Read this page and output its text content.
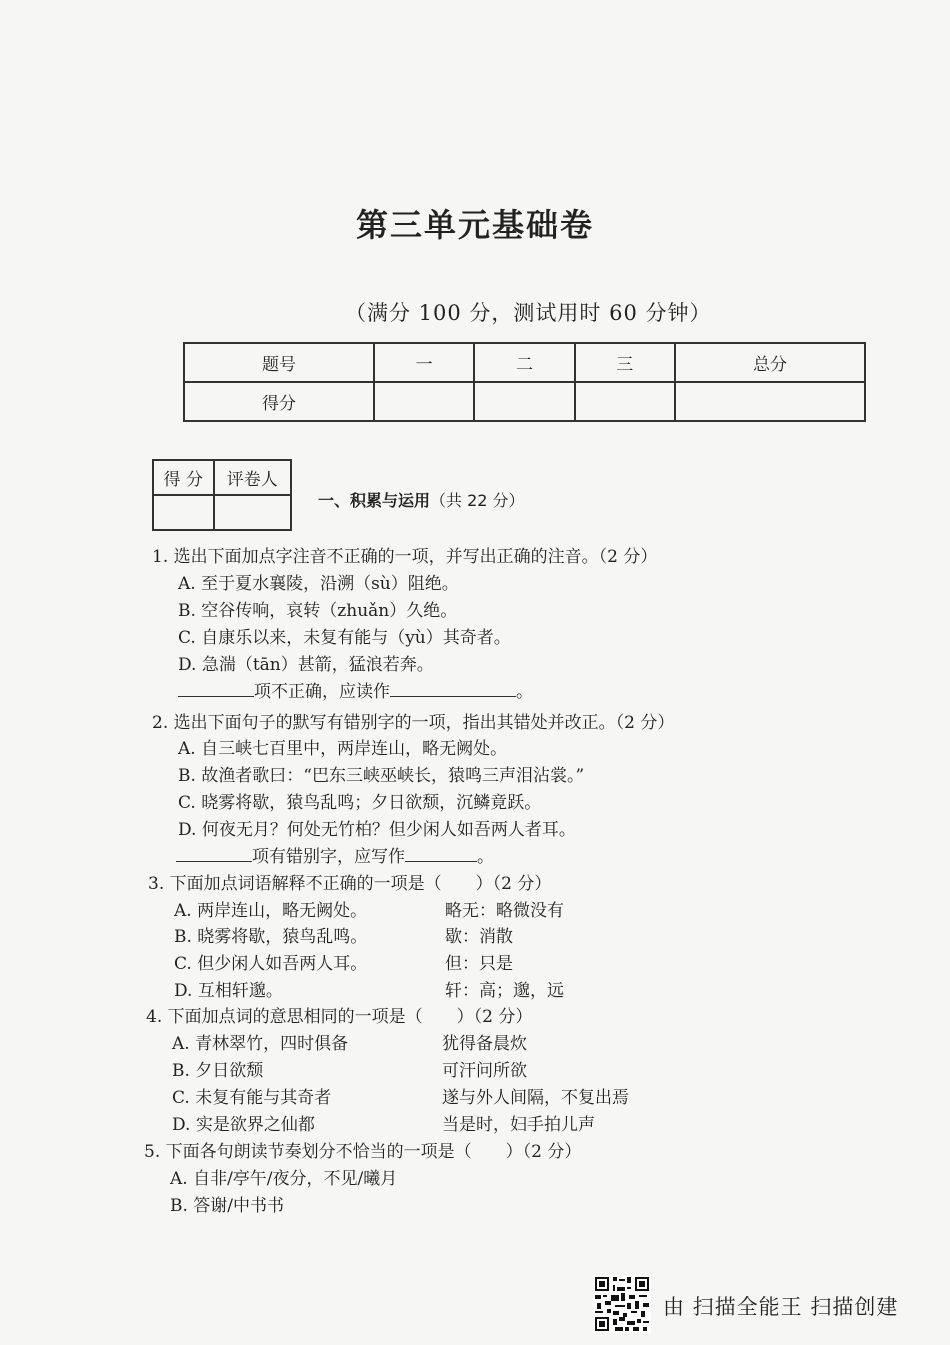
第三单元基础卷
（满分 100 分，测试用时 60 分钟）
题号	一	二	三	总分
得分				
得 分	评卷人

一、积累与运用（共 22 分）
1. 选出下面加点字注音不正确的一项，并写出正确的注音。（2 分）
A. 至于夏水襄陵，沿溯（sù）阻绝。
B. 空谷传响，哀转（zhuǎn）久绝。
C. 自康乐以来，未复有能与（yù）其奇者。
D. 急湍（tān）甚箭，猛浪若奔。
项不正确，应读作	。
2. 选出下面句子的默写有错别字的一项，指出其错处并改正。（2 分）
A. 自三峡七百里中，两岸连山，略无阙处。
B. 故渔者歌曰：“巴东三峡巫峡长，猿鸣三声泪沾裳。”
C. 晓雾将歇，猿鸟乱鸣；夕日欲颓，沉鳞竟跃。
D. 何夜无月？何处无竹柏？但少闲人如吾两人者耳。
项有错别字，应写作	。
3. 下面加点词语解释不正确的一项是（　　）（2 分）
A. 两岸连山，略无阙处。	略无：略微没有
B. 晓雾将歇，猿鸟乱鸣。	歇：消散
C. 但少闲人如吾两人耳。	但：只是
D. 互相轩邈。	轩：高；邈，远
4. 下面加点词的意思相同的一项是（　　）（2 分）
A. 青林翠竹，四时俱备	犹得备晨炊
B. 夕日欲颓	可汗问所欲
C. 未复有能与其奇者	遂与外人间隔，不复出焉
D. 实是欲界之仙都	当是时，妇手拍儿声
5. 下面各句朗读节奏划分不恰当的一项是（　　）（2 分）
A. 自非/亭午/夜分，不见/曦月
B. 答谢/中书书
由 扫描全能王 扫描创建
